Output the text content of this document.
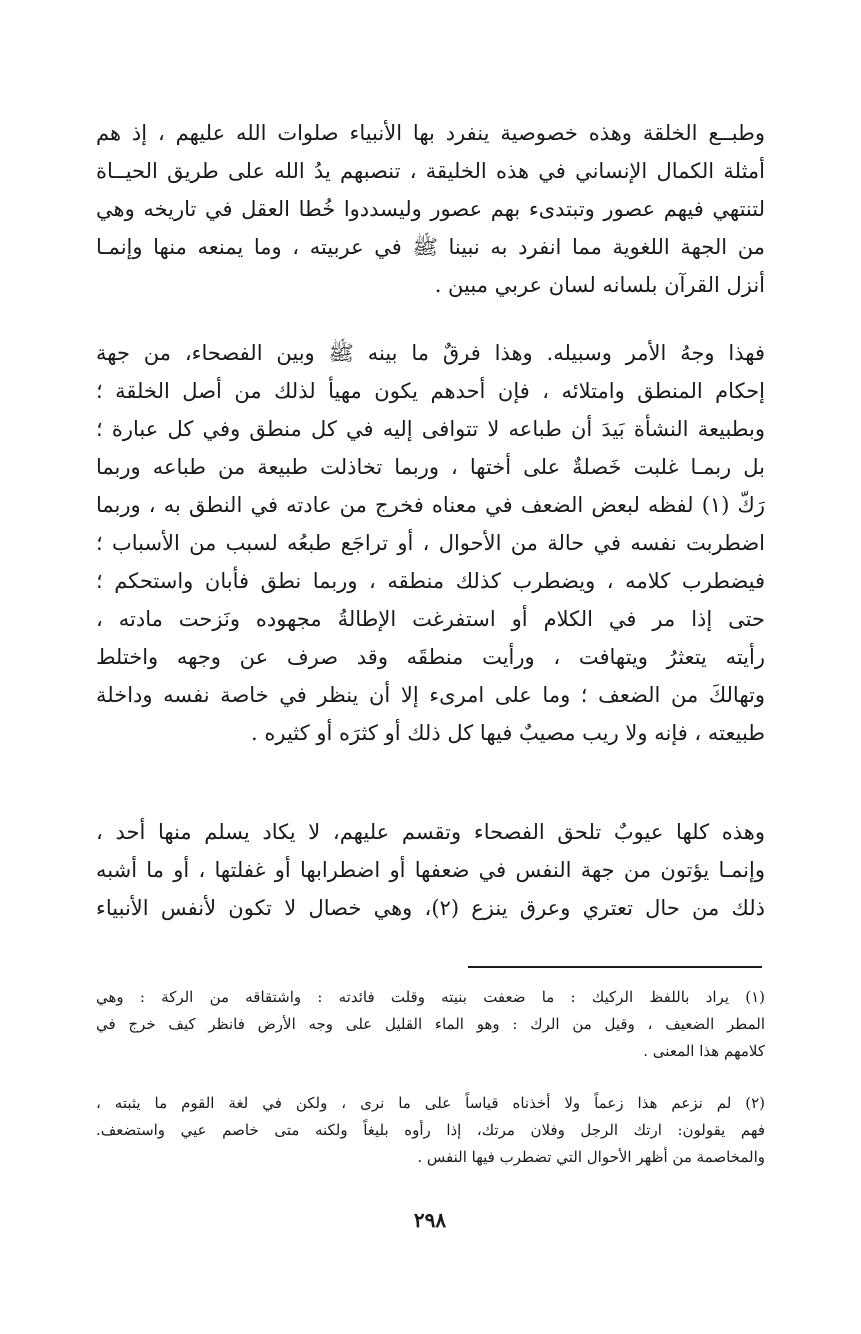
وطبــع الخلقة وهذه خصوصية ينفرد بها الأنبياء صلوات الله عليهم ، إذ هم
أمثلة الكمال الإنساني في هذه الخليقة ، تنصبهم يدُ الله على طريق الحيــاة
لتنتهي فيهم عصور وتبتدىء بهم عصور وليسددوا خُطا العقل في تاريخه وهي
من الجهة اللغوية مما انفرد به نبينا ﷺ في عربيته ، وما يمنعه منها وإنمـا
أنزل القرآن بلسانه لسان عربي مبين .
فهذا وجهُ الأمر وسبيله. وهذا فرقٌ ما بينه ﷺ وبين الفصحاء، من جهة
إحكام المنطق وامتلائه ، فإن أحدهم يكون مهيأ لذلك من أصل الخلقة ؛
وبطبيعة النشأة بَيدَ أن طباعه لا تتوافى إليه في كل منطق وفي كل عبارة ؛
بل ربمـا غلبت خَصلةٌ على أختها ، وربما تخاذلت طبيعة من طباعه وربما
رَكّ (١) لفظه لبعض الضعف في معناه فخرج من عادته في النطق به ، وربما
اضطربت نفسه في حالة من الأحوال ، أو تراجَع طبعُه لسبب من الأسباب ؛
فيضطرب كلامه ، ويضطرب كذلك منطقه ، وربما نطق فأبان واستحكم ؛
حتى إذا مر في الكلام أو استفرغت الإطالةُ مجهوده ونَزحت مادته ،
رأيته يتعثرُ ويتهافت ، ورأيت منطقَه وقد صرف عن وجهه واختلط
وتهالكَ من الضعف ؛ وما على امرىء إلا أن ينظر في خاصة نفسه وداخلة
طبيعته ، فإنه ولا ريب مصيبٌ فيها كل ذلك أو كثرَه أو كثيره .
وهذه كلها عيوبٌ تلحق الفصحاء وتقسم عليهم، لا يكاد يسلم منها أحد ،
وإنمـا يؤتون من جهة النفس في ضعفها أو اضطرابها أو غفلتها ، أو ما أشبه
ذلك من حال تعتري وعرق ينزع (٢)، وهي خصال لا تكون لأنفس الأنبياء
(١) يراد باللفظ الركيك : ما ضعفت بنيته وقلت فائدته : واشتقاقه من الركة : وهي
المطر الضعيف ، وقيل من الرك : وهو الماء القليل على وجه الأرض فانظر كيف خرج في
كلامهم هذا المعنى .
(٢) لم نزعم هذا زعماً ولا أخذناه قياساً على ما نرى ، ولكن في لغة القوم ما يثبته ،
فهم يقولون: ارتك الرجل وفلان مرتك، إذا رأوه بليغاً ولكنه متى خاصم عيي واستضعف.
والمخاصمة من أظهر الأحوال التي تضطرب فيها النفس .
٢٩٨
